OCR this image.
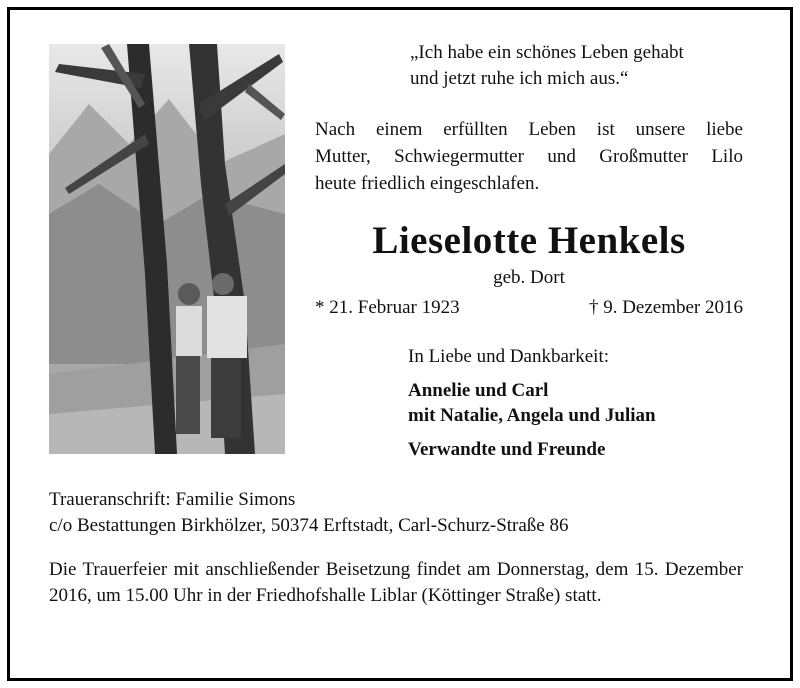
„Ich habe ein schönes Leben gehabt
und jetzt ruhe ich mich aus.“
Nach einem erfüllten Leben ist unsere liebe
Mutter, Schwiegermutter und Großmutter Lilo
heute friedlich eingeschlafen.
Lieselotte Henkels
geb. Dort
* 21. Februar 1923	† 9. Dezember 2016
In Liebe und Dankbarkeit:
Annelie und Carl
mit Natalie, Angela und Julian
Verwandte und Freunde
Traueranschrift: Familie Simons
c/o Bestattungen Birkhölzer, 50374 Erftstadt, Carl-Schurz-Straße 86
Die Trauerfeier mit anschließender Beisetzung findet am Donnerstag, dem 15. Dezember 2016, um 15.00 Uhr in der Friedhofshalle Liblar (Köttinger Straße) statt.
